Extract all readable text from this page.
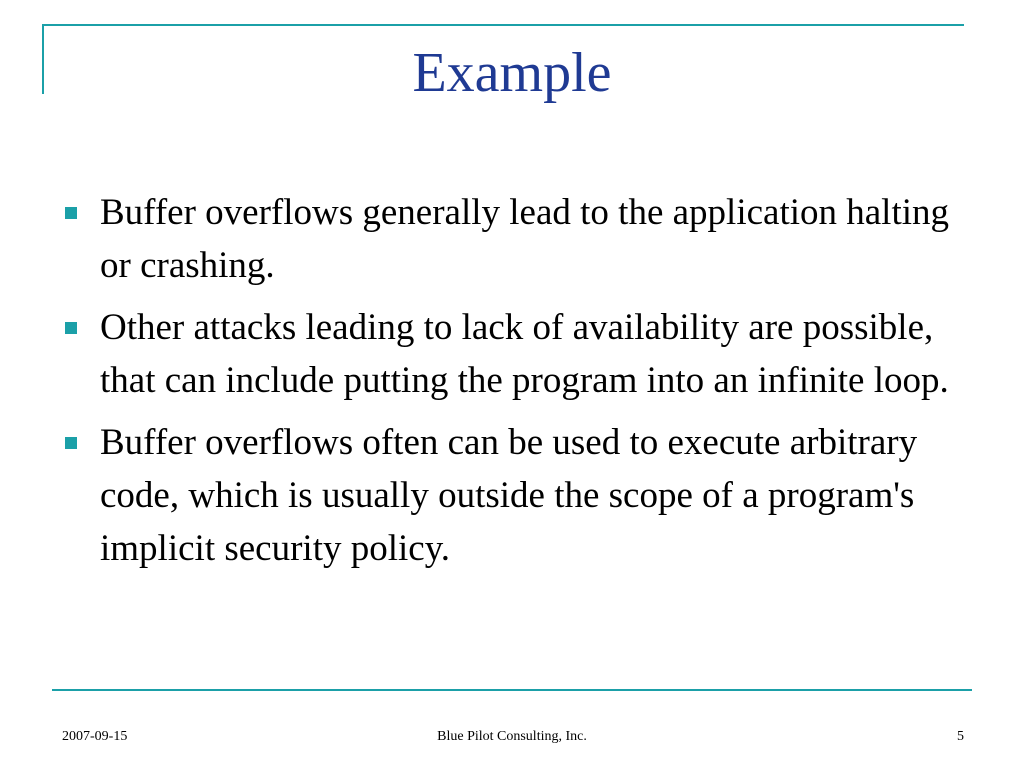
Example
Buffer overflows generally lead to the application halting or crashing.
Other attacks leading to lack of availability are possible, that can include putting the program into an infinite loop.
Buffer overflows often can be used to execute arbitrary code, which is usually outside the scope of a program's implicit security policy.
2007-09-15	Blue Pilot Consulting, Inc.	5
